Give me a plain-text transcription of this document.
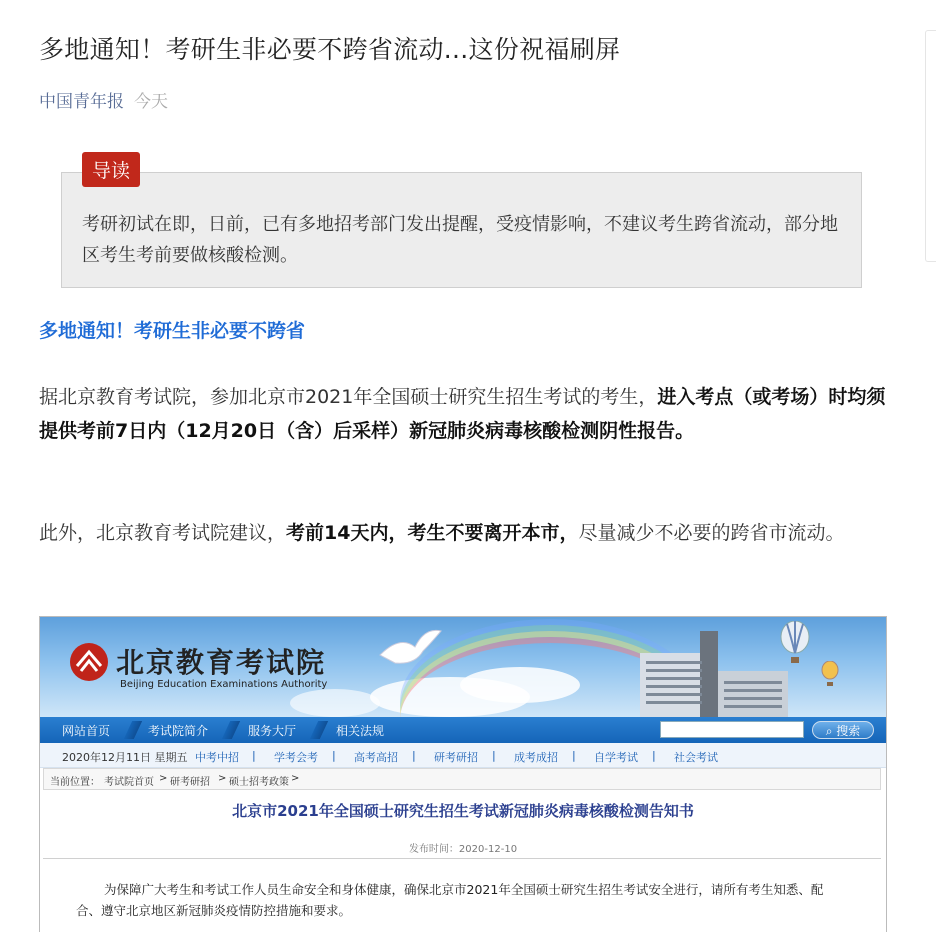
多地通知！考研生非必要不跨省流动...这份祝福刷屏
中国青年报 今天
考研初试在即，日前，已有多地招考部门发出提醒，受疫情影响，不建议考生跨省流动，部分地区考生考前要做核酸检测。
导读
多地通知！考研生非必要不跨省
据北京教育考试院，参加北京市2021年全国硕士研究生招生考试的考生，进入考点（或考场）时均须提供考前7日内（12月20日（含）后采样）新冠肺炎病毒核酸检测阴性报告。
此外，北京教育考试院建议，考前14天内，考生不要离开本市，尽量减少不必要的跨省市流动。
北京教育考试院
Beijing Education Examinations Authority
网站首页	考试院简介	服务大厅	相关法规	⌕ 搜索
2020年12月11日 星期五 中考中招 | 学考会考 | 高考高招 | 研考研招 | 成考成招 | 自学考试 | 社会考试
当前位置： 考试院首页 > 研考研招 > 硕士招考政策 >
北京市2021年全国硕士研究生招生考试新冠肺炎病毒核酸检测告知书
发布时间：2020-12-10
为保障广大考生和考试工作人员生命安全和身体健康，确保北京市2021年全国硕士研究生招生考试安全进行，请所有考生知悉、配合、遵守北京地区新冠肺炎疫情防控措施和要求。
